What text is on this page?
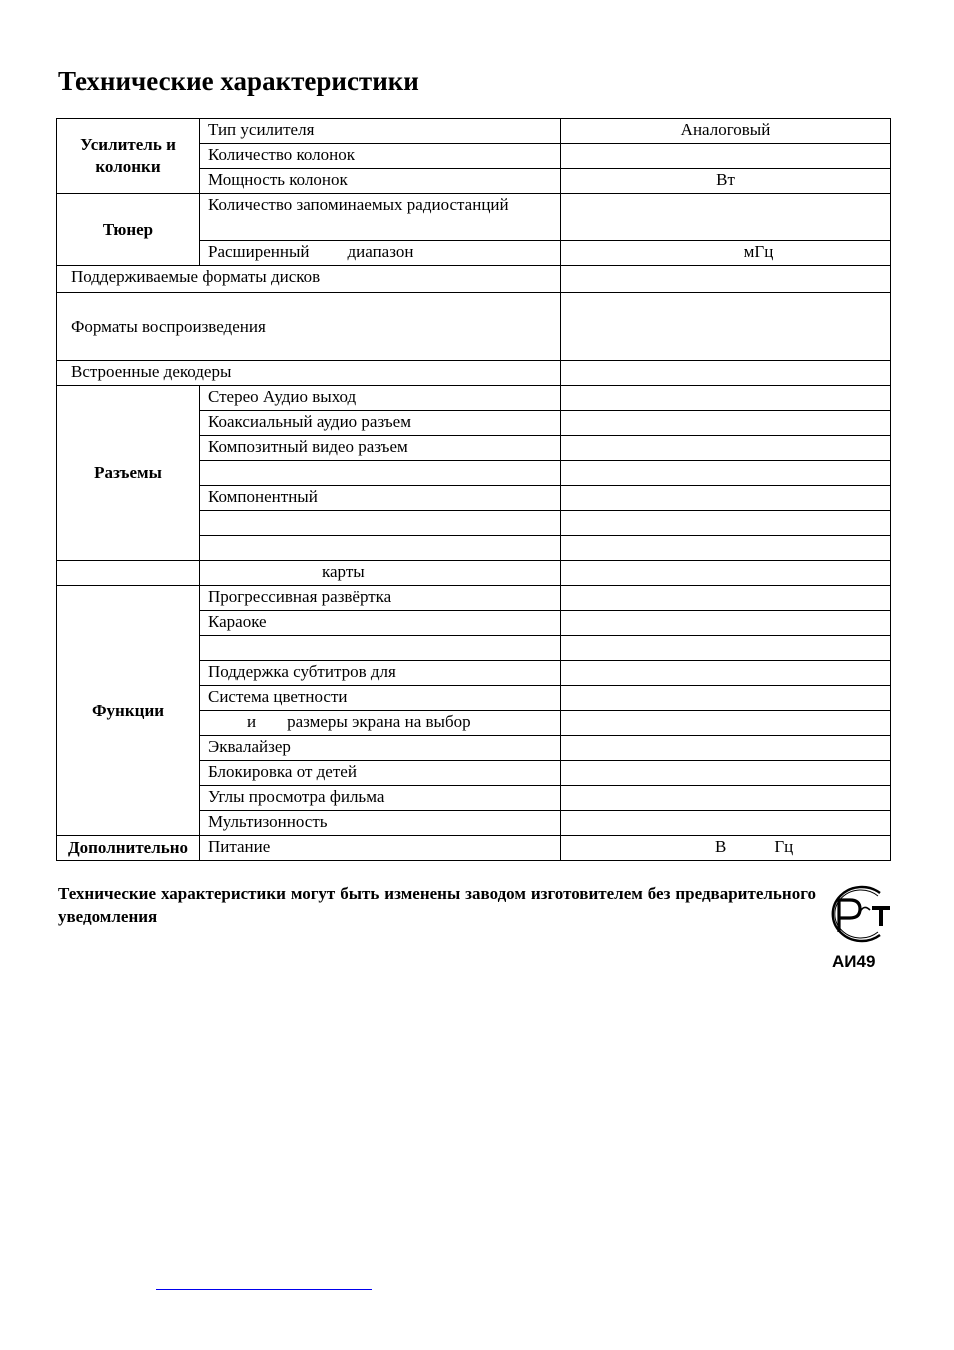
Технические характеристики
Усилитель и колонки	Тип усилителя	Аналоговый
	Количество колонок	
	Мощность колонок	Вт
Тюнер	Количество запоминаемых радиостанций	
	Расширенный диапазон	мГц
Поддерживаемые форматы дисков		
Форматы воспроизведения		
Встроенные декодеры		
Разъемы	Стерео Аудио выход	
	Коаксиальный аудио разъем	
	Композитный видео разъем	

	Компонентный	

	карты	
Функции	Прогрессивная развёртка	
	Караоке	

	Поддержка субтитров для	
	Система цветности	
	и размеры экрана на выбор	
	Эквалайзер	
	Блокировка от детей	
	Углы просмотра фильма	
	Мультизонность	
Дополнительно	Питание	В Гц

Технические характеристики могут быть изменены заводом изготовителем без предварительного уведомления

АИ49
